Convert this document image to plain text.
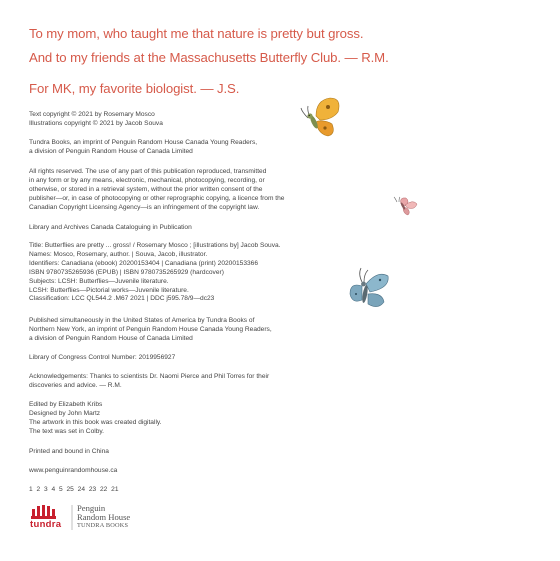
To my mom, who taught me that nature is pretty but gross.
And to my friends at the Massachusetts Butterfly Club. — R.M.
For MK, my favorite biologist. — J.S.
Text copyright © 2021 by Rosemary Mosco
Illustrations copyright © 2021 by Jacob Souva
Tundra Books, an imprint of Penguin Random House Canada Young Readers,
a division of Penguin Random House of Canada Limited
All rights reserved. The use of any part of this publication reproduced, transmitted
in any form or by any means, electronic, mechanical, photocopying, recording, or
otherwise, or stored in a retrieval system, without the prior written consent of the
publisher—or, in case of photocopying or other reprographic copying, a licence from the
Canadian Copyright Licensing Agency—is an infringement of the copyright law.
Library and Archives Canada Cataloguing in Publication
Title: Butterflies are pretty ... gross! / Rosemary Mosco ; [illustrations by] Jacob Souva.
Names: Mosco, Rosemary, author. | Souva, Jacob, illustrator.
Identifiers: Canadiana (ebook) 20200153404 | Canadiana (print) 20200153366
ISBN 9780735265936 (EPUB) | ISBN 9780735265929 (hardcover)
Subjects: LCSH: Butterflies—Juvenile literature.
LCSH: Butterflies—Pictorial works—Juvenile literature.
Classification: LCC QL544.2 .M67 2021 | DDC j595.78/9—dc23
Published simultaneously in the United States of America by Tundra Books of
Northern New York, an imprint of Penguin Random House Canada Young Readers,
a division of Penguin Random House of Canada Limited
Library of Congress Control Number: 2019956927
Acknowledgements: Thanks to scientists Dr. Naomi Pierce and Phil Torres for their
discoveries and advice. — R.M.
Edited by Elizabeth Kribs
Designed by John Martz
The artwork in this book was created digitally.
The text was set in Colby.
Printed and bound in China
www.penguinrandomhouse.ca
1 2 3 4 5 25 24 23 22 21
tundra
Penguin
Random House
TUNDRA BOOKS
